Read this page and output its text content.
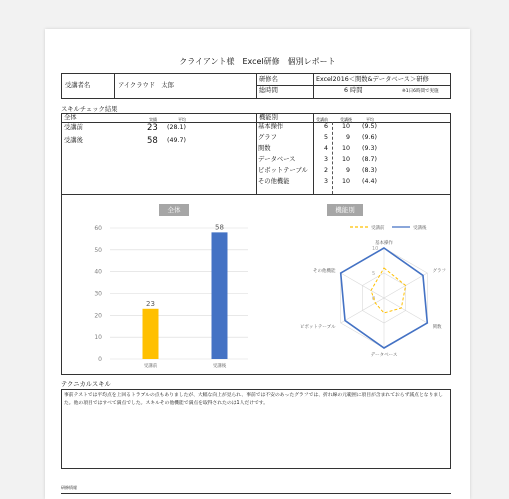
クライアント様　Excel研修　個別レポート
受講者名	アイクラウド　太郎
研修名	Excel2016＜関数&データベース＞研修
総時間	6 時間	※1日6時間で実施
スキルチェック結果
全体	実績	平均
受講前	23 (28.1)
受講後	58 (49.7)
機能別	受講前	受講後	平均
基本操作	6 10 (9.5)
グラフ	5	9 (9.6)
関数	4 10 (9.3)
データベース	3 10 (8.7)
ピボットテーブル	2	9 (8.3)
その他機能	3 10 (4.4)
全体
0
10
20
30
40
50
60
23
受講前
58
受講後
機能別
受講前	受講後
0
5
10
基本操作
グラフ
関数
データベース
ピボットテーブル
その他機能
テクニカルスキル
事前テストでは平均点を上回るトラブルの点もありましたが、大幅な向上が見られ、事前では不安のあったグラフでは、折れ線の元範囲に項目が含まれておらず減点となりました。他の項目ではすべて満点でした。スキルその他機能で満点を取得されたのは1人だけです。
研修情報
